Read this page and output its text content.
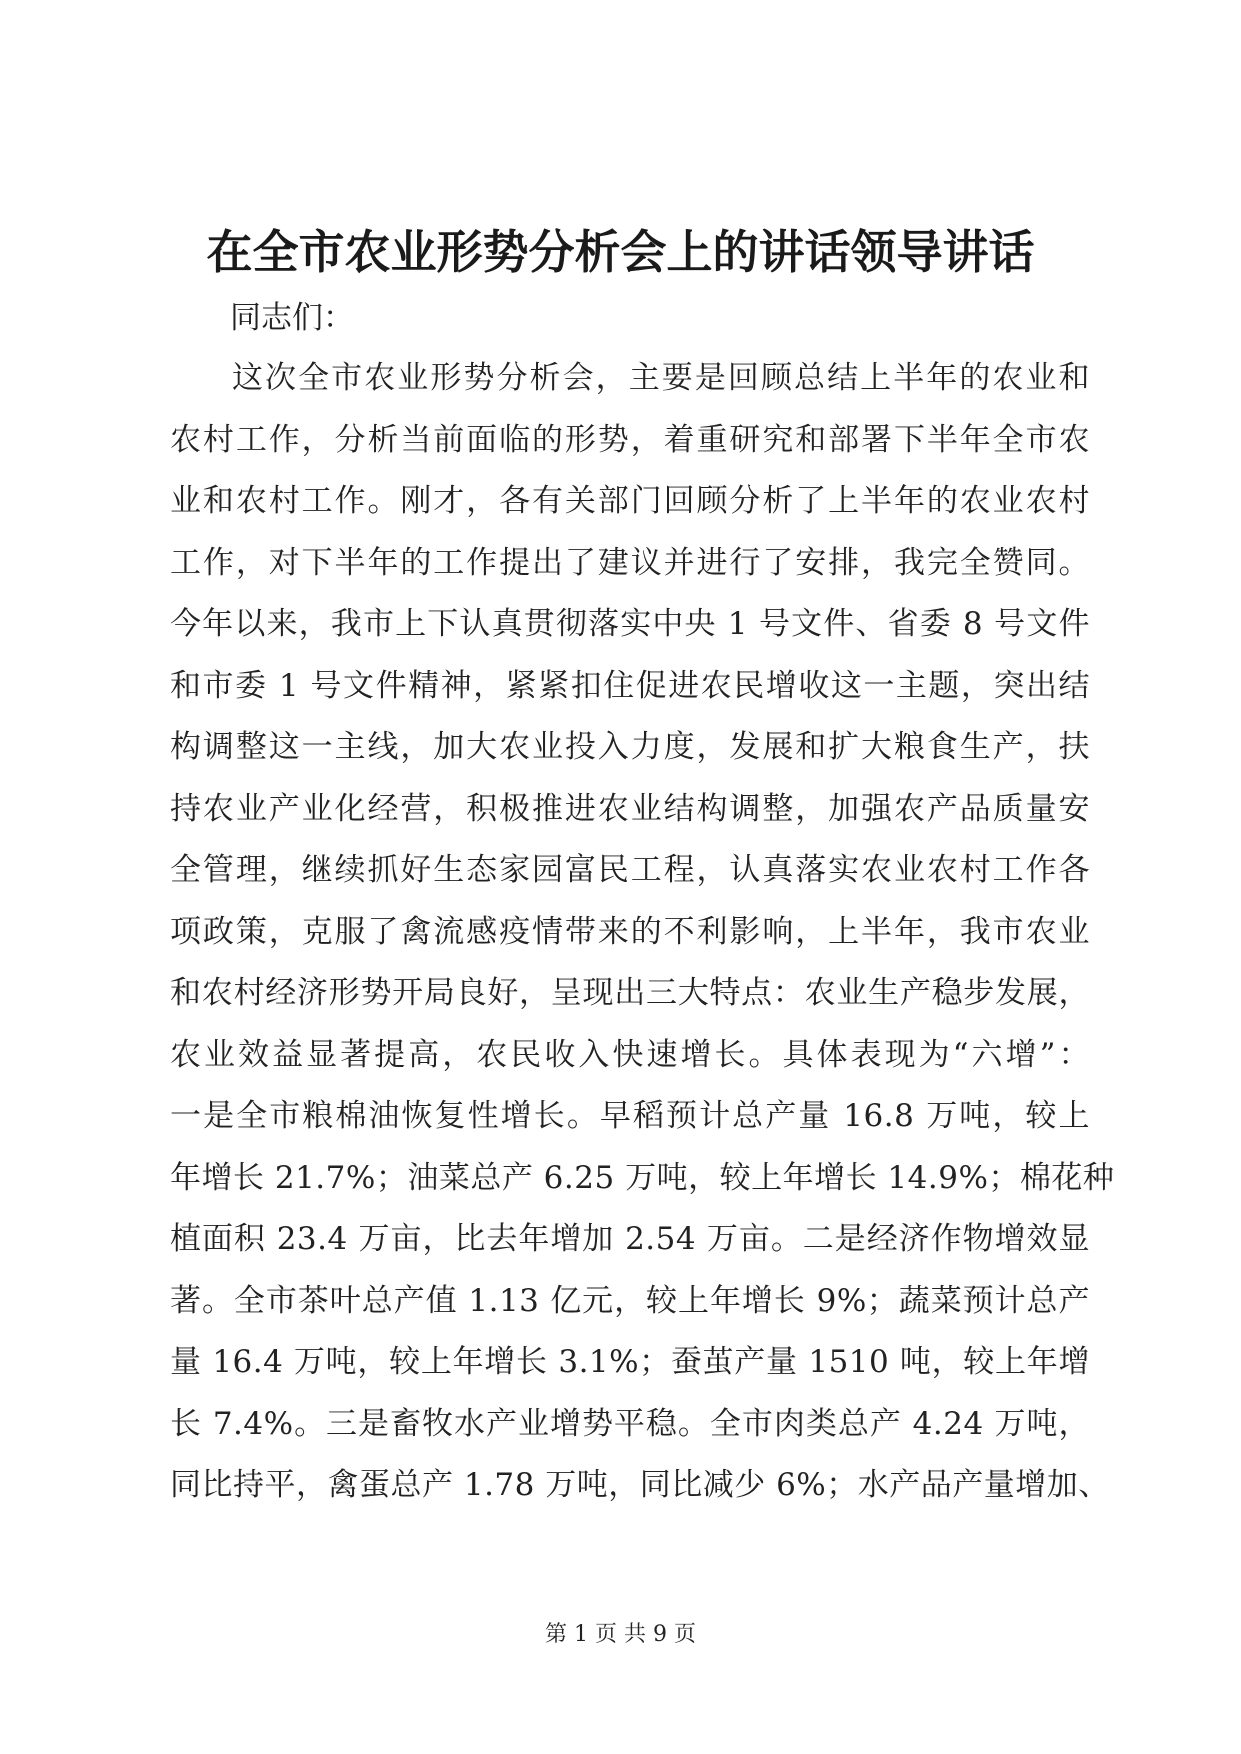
在全市农业形势分析会上的讲话领导讲话
同志们：
这次全市农业形势分析会，主要是回顾总结上半年的农业和
农村工作，分析当前面临的形势，着重研究和部署下半年全市农
业和农村工作。刚才，各有关部门回顾分析了上半年的农业农村
工作，对下半年的工作提出了建议并进行了安排，我完全赞同。
今年以来，我市上下认真贯彻落实中央 1 号文件、省委 8 号文件
和市委 1 号文件精神，紧紧扣住促进农民增收这一主题，突出结
构调整这一主线，加大农业投入力度，发展和扩大粮食生产，扶
持农业产业化经营，积极推进农业结构调整，加强农产品质量安
全管理，继续抓好生态家园富民工程，认真落实农业农村工作各
项政策，克服了禽流感疫情带来的不利影响，上半年，我市农业
和农村经济形势开局良好，呈现出三大特点：农业生产稳步发展，
农业效益显著提高，农民收入快速增长。具体表现为“六增”：
一是全市粮棉油恢复性增长。早稻预计总产量 16.8 万吨，较上
年增长 21.7%；油菜总产 6.25 万吨，较上年增长 14.9%；棉花种
植面积 23.4 万亩，比去年增加 2.54 万亩。二是经济作物增效显
著。全市茶叶总产值 1.13 亿元，较上年增长 9%；蔬菜预计总产
量 16.4 万吨，较上年增长 3.1%；蚕茧产量 1510 吨，较上年增
长 7.4%。三是畜牧水产业增势平稳。全市肉类总产 4.24 万吨，
同比持平，禽蛋总产 1.78 万吨，同比减少 6%；水产品产量增加、
第 1 页 共 9 页
